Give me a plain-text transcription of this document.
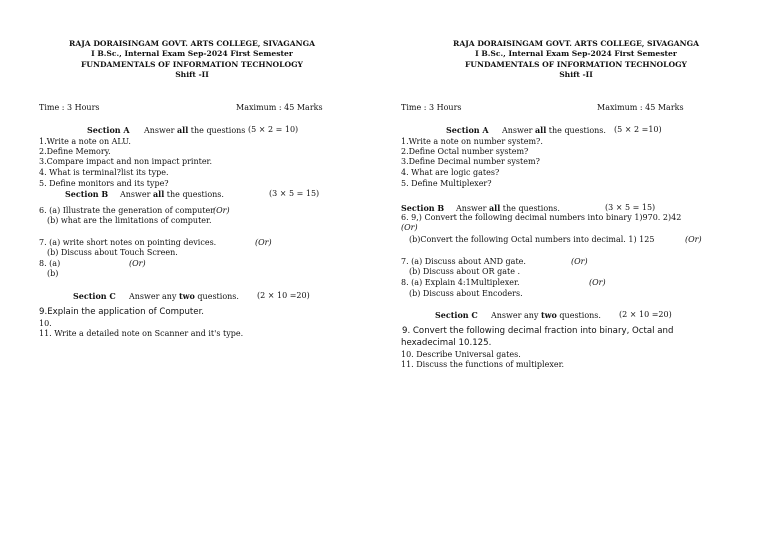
RAJA DORAISINGAM GOVT. ARTS COLLEGE, SIVAGANGA
I B.Sc., Internal Exam Sep-2024 First Semester
FUNDAMENTALS OF INFORMATION TECHNOLOGY
Shift -II
Time : 3 Hours	Maximum : 45 Marks
Section A Answer all the questions (5 × 2 = 10)
1.Write a note on ALU.
2.Define Memory.
3.Compare impact and non impact printer.
4. What is terminal?list its type.
5. Define monitors and its type?
Section B Answer all the questions.	(3 × 5 = 15)
6. (a) Illustrate the generation of computer
(Or)
(b) what are the limitations of computer.
7. (a) write short notes on pointing devices.	(Or)
(b) Discuss about Touch Screen.
8. (a)	(Or)
(b)
Section C Answer any two questions. (2 × 10 =20)
9.Explain the application of Computer.
10.
11. Write a detailed note on Scanner and it's type.
RAJA DORAISINGAM GOVT. ARTS COLLEGE, SIVAGANGA
I B.Sc., Internal Exam Sep-2024 First Semester
FUNDAMENTALS OF INFORMATION TECHNOLOGY
Shift -II
Time : 3 Hours	Maximum : 45 Marks
Section A Answer all the questions. (5 × 2 =10)
1.Write a note on number system?.
2.Define Octal number system?
3.Define Decimal number system?
4. What are logic gates?
5. Define Multiplexer?
Section B Answer all the questions.	(3 × 5 = 15)
6. 9,) Convert the following decimal numbers into binary 1)970. 2)42
(Or)
(b)Convert the following Octal numbers into decimal. 1) 125	(Or)
7. (a) Discuss about AND gate.	(Or)
(b) Discuss about OR gate .
8. (a) Explain 4:1Multiplexer.	(Or)
(b) Discuss about Encoders.
Section C Answer any two questions. (2 × 10 =20)
9. Convert the following decimal fraction into binary, Octal and
hexadecimal 10.125.
10. Describe Universal gates.
11. Discuss the functions of multiplexer.
